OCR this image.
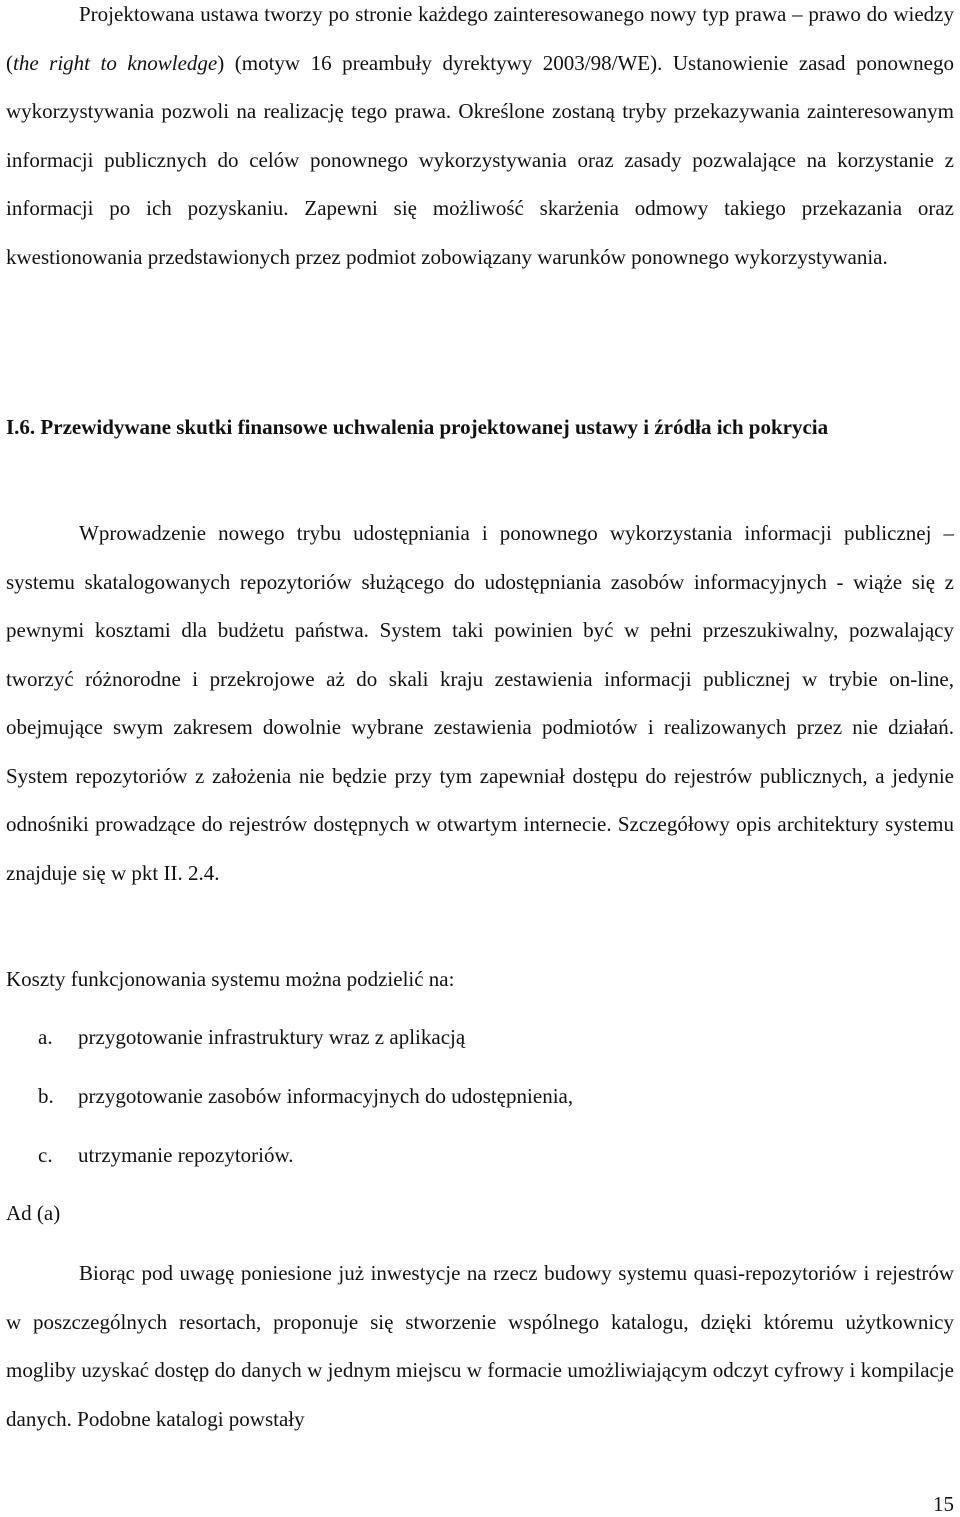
Projektowana ustawa tworzy po stronie każdego zainteresowanego nowy typ prawa – prawo do wiedzy (the right to knowledge) (motyw 16 preambuły dyrektywy 2003/98/WE). Ustanowienie zasad ponownego wykorzystywania pozwoli na realizację tego prawa. Określone zostaną tryby przekazywania zainteresowanym informacji publicznych do celów ponownego wykorzystywania oraz zasady pozwalające na korzystanie z informacji po ich pozyskaniu. Zapewni się możliwość skarżenia odmowy takiego przekazania oraz kwestionowania przedstawionych przez podmiot zobowiązany warunków ponownego wykorzystywania.

I.6. Przewidywane skutki finansowe uchwalenia projektowanej ustawy i źródła ich pokrycia

Wprowadzenie nowego trybu udostępniania i ponownego wykorzystania informacji publicznej – systemu skatalogowanych repozytoriów służącego do udostępniania zasobów informacyjnych - wiąże się z pewnymi kosztami dla budżetu państwa. System taki powinien być w pełni przeszukiwalny, pozwalający tworzyć różnorodne i przekrojowe aż do skali kraju zestawienia informacji publicznej w trybie on-line, obejmujące swym zakresem dowolnie wybrane zestawienia podmiotów i realizowanych przez nie działań. System repozytoriów z założenia nie będzie przy tym zapewniał dostępu do rejestrów publicznych, a jedynie odnośniki prowadzące do rejestrów dostępnych w otwartym internecie. Szczegółowy opis architektury systemu znajduje się w pkt II. 2.4.

Koszty funkcjonowania systemu można podzielić na:

a. przygotowanie infrastruktury wraz z aplikacją

b. przygotowanie zasobów informacyjnych do udostępnienia,

c. utrzymanie repozytoriów.

Ad (a)

Biorąc pod uwagę poniesione już inwestycje na rzecz budowy systemu quasi-repozytoriów i rejestrów w poszczególnych resortach, proponuje się stworzenie wspólnego katalogu, dzięki któremu użytkownicy mogliby uzyskać dostęp do danych w jednym miejscu w formacie umożliwiającym odczyt cyfrowy i kompilacje danych. Podobne katalogi powstały

15
